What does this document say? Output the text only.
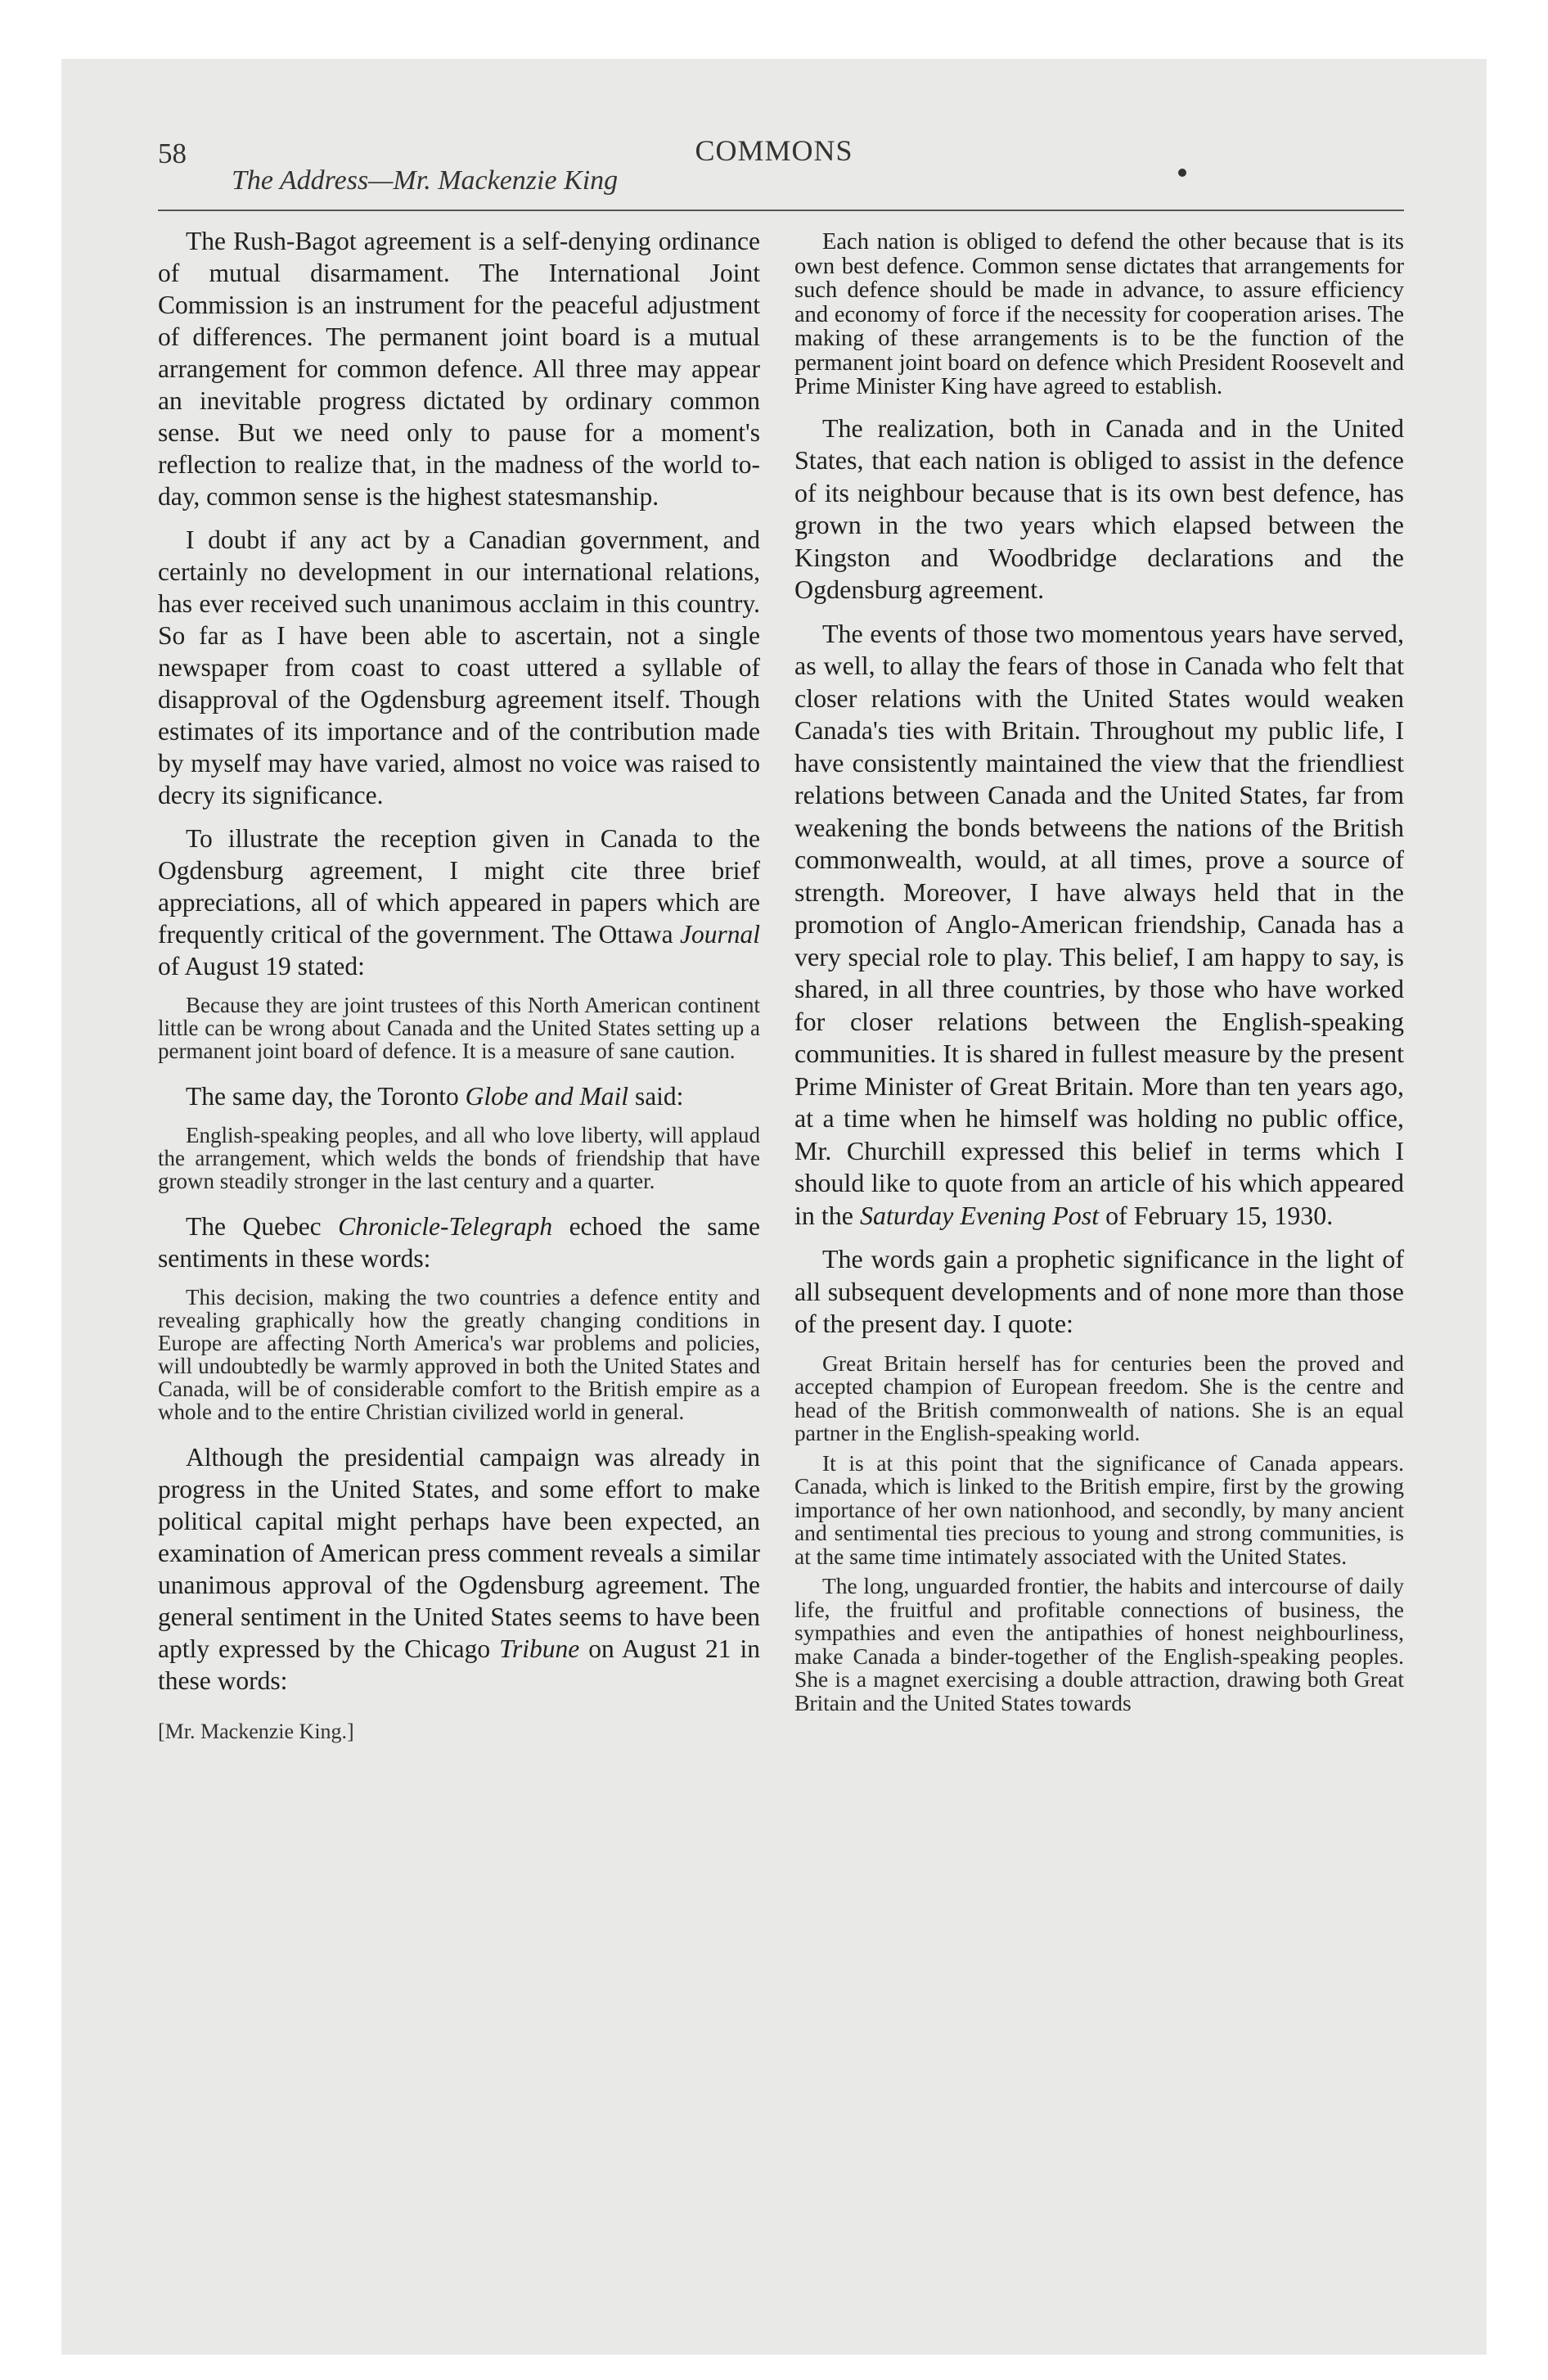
58	COMMONS
The Address—Mr. Mackenzie King

The Rush-Bagot agreement is a self-denying ordinance of mutual disarmament. The International Joint Commission is an instrument for the peaceful adjustment of differences. The permanent joint board is a mutual arrangement for common defence. All three may appear an inevitable progress dictated by ordinary common sense. But we need only to pause for a moment's reflection to realize that, in the madness of the world to-day, common sense is the highest statesmanship.

I doubt if any act by a Canadian government, and certainly no development in our international relations, has ever received such unanimous acclaim in this country. So far as I have been able to ascertain, not a single newspaper from coast to coast uttered a syllable of disapproval of the Ogdensburg agreement itself. Though estimates of its importance and of the contribution made by myself may have varied, almost no voice was raised to decry its significance.

To illustrate the reception given in Canada to the Ogdensburg agreement, I might cite three brief appreciations, all of which appeared in papers which are frequently critical of the government. The Ottawa Journal of August 19 stated:

Because they are joint trustees of this North American continent little can be wrong about Canada and the United States setting up a permanent joint board of defence. It is a measure of sane caution.

The same day, the Toronto Globe and Mail said:

English-speaking peoples, and all who love liberty, will applaud the arrangement, which welds the bonds of friendship that have grown steadily stronger in the last century and a quarter.

The Quebec Chronicle-Telegraph echoed the same sentiments in these words:

This decision, making the two countries a defence entity and revealing graphically how the greatly changing conditions in Europe are affecting North America's war problems and policies, will undoubtedly be warmly approved in both the United States and Canada, will be of considerable comfort to the British empire as a whole and to the entire Christian civilized world in general.

Although the presidential campaign was already in progress in the United States, and some effort to make political capital might perhaps have been expected, an examination of American press comment reveals a similar unanimous approval of the Ogdensburg agreement. The general sentiment in the United States seems to have been aptly expressed by the Chicago Tribune on August 21 in these words:

[Mr. Mackenzie King.]

Each nation is obliged to defend the other because that is its own best defence. Common sense dictates that arrangements for such defence should be made in advance, to assure efficiency and economy of force if the necessity for cooperation arises. The making of these arrangements is to be the function of the permanent joint board on defence which President Roosevelt and Prime Minister King have agreed to establish.

The realization, both in Canada and in the United States, that each nation is obliged to assist in the defence of its neighbour because that is its own best defence, has grown in the two years which elapsed between the Kingston and Woodbridge declarations and the Ogdensburg agreement.

The events of those two momentous years have served, as well, to allay the fears of those in Canada who felt that closer relations with the United States would weaken Canada's ties with Britain. Throughout my public life, I have consistently maintained the view that the friendliest relations between Canada and the United States, far from weakening the bonds betweens the nations of the British commonwealth, would, at all times, prove a source of strength. Moreover, I have always held that in the promotion of Anglo-American friendship, Canada has a very special role to play. This belief, I am happy to say, is shared, in all three countries, by those who have worked for closer relations between the English-speaking communities. It is shared in fullest measure by the present Prime Minister of Great Britain. More than ten years ago, at a time when he himself was holding no public office, Mr. Churchill expressed this belief in terms which I should like to quote from an article of his which appeared in the Saturday Evening Post of February 15, 1930.

The words gain a prophetic significance in the light of all subsequent developments and of none more than those of the present day. I quote:

Great Britain herself has for centuries been the proved and accepted champion of European freedom. She is the centre and head of the British commonwealth of nations. She is an equal partner in the English-speaking world.

It is at this point that the significance of Canada appears. Canada, which is linked to the British empire, first by the growing importance of her own nationhood, and secondly, by many ancient and sentimental ties precious to young and strong communities, is at the same time intimately associated with the United States.

The long, unguarded frontier, the habits and intercourse of daily life, the fruitful and profitable connections of business, the sympathies and even the antipathies of honest neighbourliness, make Canada a binder-together of the English-speaking peoples. She is a magnet exercising a double attraction, drawing both Great Britain and the United States towards
